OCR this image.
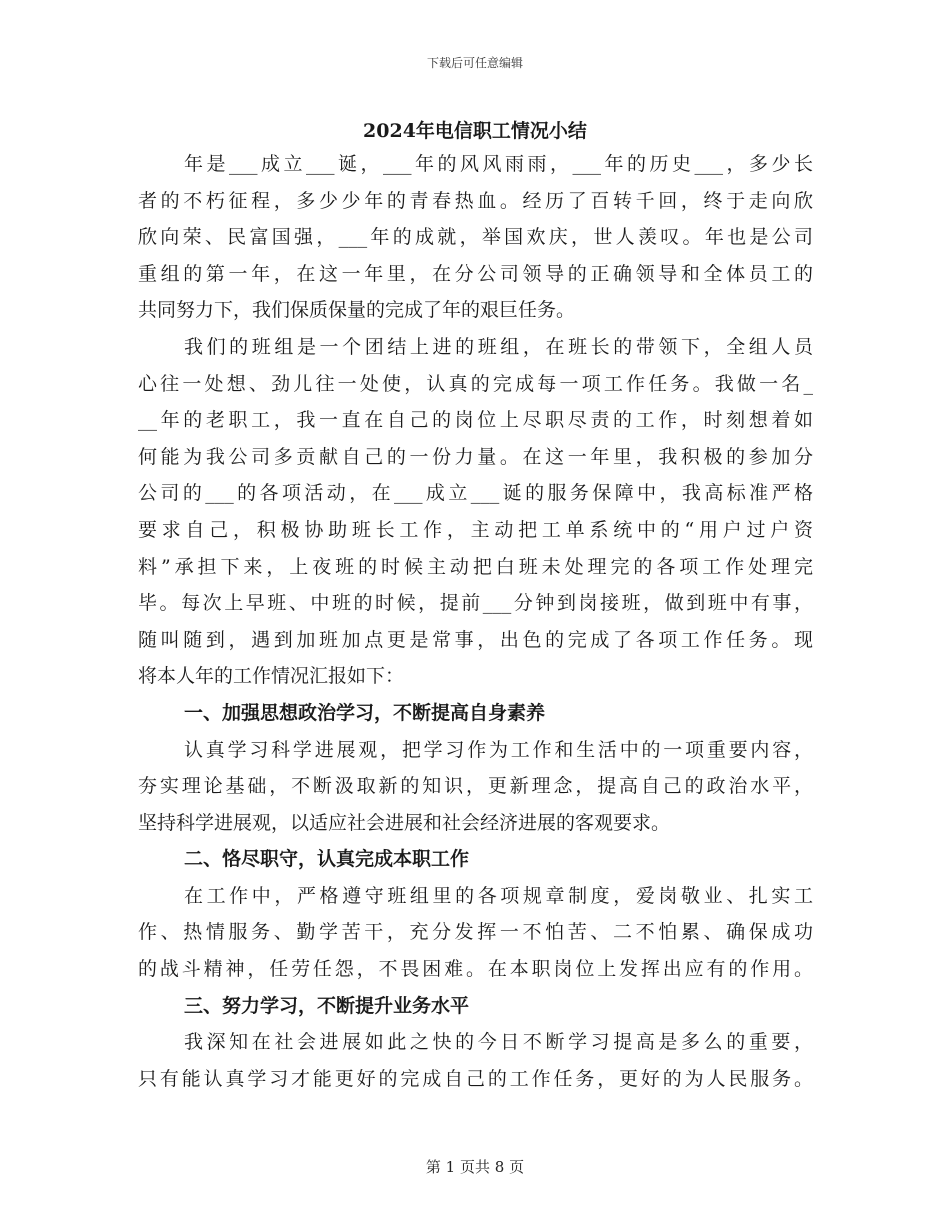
下载后可任意编辑
2024年电信职工情况小结
年是___成立___诞，___年的风风雨雨，___年的历史___，多少长
者的不朽征程，多少少年的青春热血。经历了百转千回，终于走向欣
欣向荣、民富国强，___年的成就，举国欢庆，世人羡叹。年也是公司
重组的第一年，在这一年里，在分公司领导的正确领导和全体员工的
共同努力下，我们保质保量的完成了年的艰巨任务。
我们的班组是一个团结上进的班组，在班长的带领下，全组人员
心往一处想、劲儿往一处使，认真的完成每一项工作任务。我做一名_
__年的老职工，我一直在自己的岗位上尽职尽责的工作，时刻想着如
何能为我公司多贡献自己的一份力量。在这一年里，我积极的参加分
公司的___的各项活动，在___成立___诞的服务保障中，我高标准严格
要求自己，积极协助班长工作，主动把工单系统中的“用户过户资
料”承担下来，上夜班的时候主动把白班未处理完的各项工作处理完
毕。每次上早班、中班的时候，提前___分钟到岗接班，做到班中有事，
随叫随到，遇到加班加点更是常事，出色的完成了各项工作任务。现
将本人年的工作情况汇报如下：
一、加强思想政治学习，不断提高自身素养
认真学习科学进展观，把学习作为工作和生活中的一项重要内容，
夯实理论基础，不断汲取新的知识，更新理念，提高自己的政治水平，
坚持科学进展观，以适应社会进展和社会经济进展的客观要求。
二、恪尽职守，认真完成本职工作
在工作中，严格遵守班组里的各项规章制度，爱岗敬业、扎实工
作、热情服务、勤学苦干，充分发挥一不怕苦、二不怕累、确保成功
的战斗精神，任劳任怨，不畏困难。在本职岗位上发挥出应有的作用。
三、努力学习，不断提升业务水平
我深知在社会进展如此之快的今日不断学习提高是多么的重要，
只有能认真学习才能更好的完成自己的工作任务，更好的为人民服务。
第 1 页共 8 页
